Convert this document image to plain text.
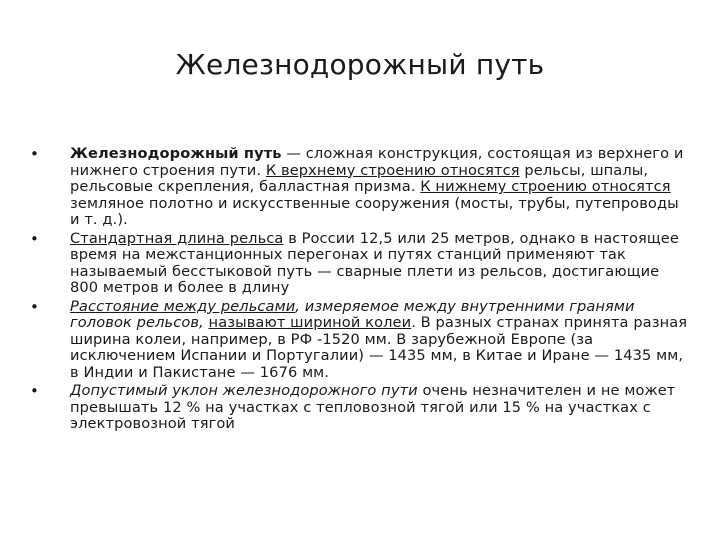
Железнодорожный путь
• Железнодорожный путь — сложная конструкция, состоящая из верхнего и нижнего строения пути. К верхнему строению относятся рельсы, шпалы, рельсовые скрепления, балластная призма. К нижнему строению относятся земляное полотно и искусственные сооружения (мосты, трубы, путепроводы и т. д.).
• Стандартная длина рельса в России 12,5 или 25 метров, однако в настоящее время на межстанционных перегонах и путях станций применяют так называемый бесстыковой путь — сварные плети из рельсов, достигающие 800 метров и более в длину
• Расстояние между рельсами, измеряемое между внутренними гранями головок рельсов, называют шириной колеи. В разных странах принята разная ширина колеи, например, в РФ -1520 мм. В зарубежной Европе (за исключением Испании и Португалии) — 1435 мм, в Китае и Иране — 1435 мм, в Индии и Пакистане — 1676 мм.
• Допустимый уклон железнодорожного пути очень незначителен и не может превышать 12 % на участках с тепловозной тягой или 15 % на участках с электровозной тягой
